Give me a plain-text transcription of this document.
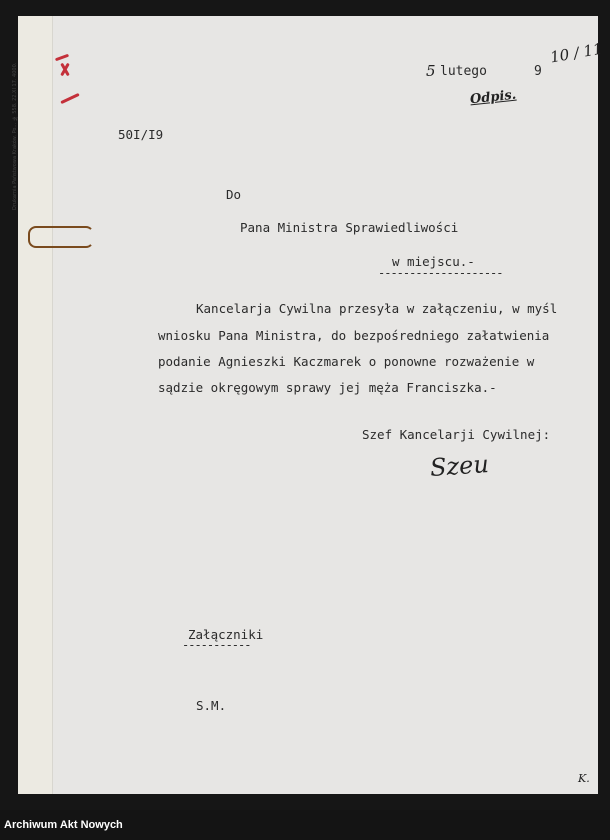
Drukarnia Państwowa Kraków. Po... № 558. 22.XI 17. 4000.	5 lutego	9
10 / 11
Odpis.
50I/I9
Do
Pana Ministra Sprawiedliwości
w miejscu.-
--------------------
Kancelarja Cywilna przesyła w załączeniu, w myśl
wniosku Pana Ministra, do bezpośredniego załatwienia
podanie Agnieszki Kaczmarek o ponowne rozważenie w
sądzie okręgowym sprawy jej męża Franciszka.-
Szef Kancelarji Cywilnej:
Szeu
Załączniki
-----------
S.M.
K.
Archiwum Akt Nowych
